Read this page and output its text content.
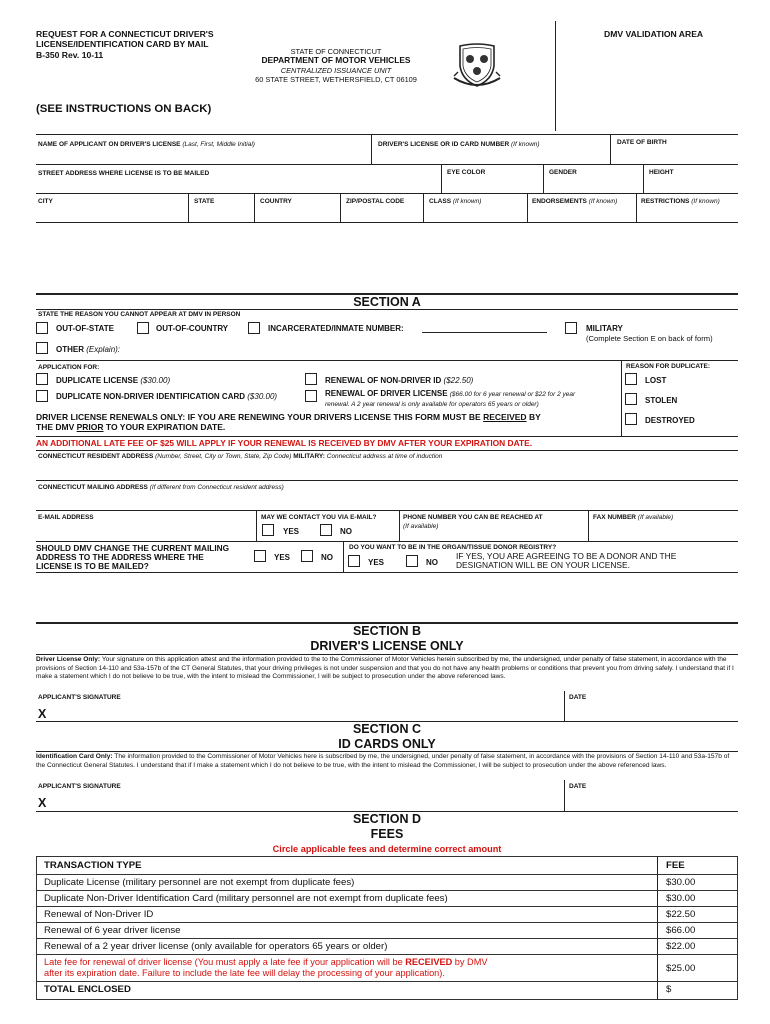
REQUEST FOR A CONNECTICUT DRIVER'S
LICENSE/IDENTIFICATION CARD BY MAIL
B-350 Rev. 10-11	STATE OF CONNECTICUT
DEPARTMENT OF MOTOR VEHICLES
CENTRALIZED ISSUANCE UNIT
60 STATE STREET, WETHERSFIELD, CT 06109
DMV VALIDATION AREA
(SEE INSTRUCTIONS ON BACK)
NAME OF APPLICANT ON DRIVER'S LICENSE (Last, First, Middle Initial)	DRIVER'S LICENSE OR ID CARD NUMBER (If known)	DATE OF BIRTH
STREET ADDRESS WHERE LICENSE IS TO BE MAILED	EYE COLOR	GENDER	HEIGHT
CITY	STATE	COUNTRY	ZIP/POSTAL CODE	CLASS (If known)	ENDORSEMENTS (If known)	RESTRICTIONS (If known)
SECTION A
STATE THE REASON YOU CANNOT APPEAR AT DMV IN PERSON
OUT-OF-STATE	OUT-OF-COUNTRY	INCARCERATED/INMATE NUMBER:	MILITARY
(Complete Section E on back of form)
OTHER (Explain):
APPLICATION FOR:	REASON FOR DUPLICATE:
DUPLICATE LICENSE ($30.00)	RENEWAL OF NON-DRIVER ID ($22.50)	LOST
DUPLICATE NON-DRIVER IDENTIFICATION CARD ($30.00)	RENEWAL OF DRIVER LICENSE ($66.00 for 6 year renewal or $22 for 2 year
renewal. A 2 year renewal is only available for operators 65 years or older)	STOLEN
DRIVER LICENSE RENEWALS ONLY: IF YOU ARE RENEWING YOUR DRIVERS LICENSE THIS FORM MUST BE RECEIVED BY
THE DMV PRIOR TO YOUR EXPIRATION DATE.
DESTROYED
AN ADDITIONAL LATE FEE OF $25 WILL APPLY IF YOUR RENEWAL IS RECEIVED BY DMV AFTER YOUR EXPIRATION DATE.
CONNECTICUT RESIDENT ADDRESS (Number, Street, City or Town, State, Zip Code) MILITARY: Connecticut address at time of induction
CONNECTICUT MAILING ADDRESS (If different from Connecticut resident address)
E-MAIL ADDRESS	MAY WE CONTACT YOU VIA E-MAIL?
YES	NO
PHONE NUMBER YOU CAN BE REACHED AT
(If available)
FAX NUMBER (If available)
SHOULD DMV CHANGE THE CURRENT MAILING
ADDRESS TO THE ADDRESS WHERE THE
LICENSE IS TO BE MAILED?
YES	NO
DO YOU WANT TO BE IN THE ORGAN/TISSUE DONOR REGISTRY?
YES	NO
IF YES, YOU ARE AGREEING TO BE A DONOR AND THE
DESIGNATION WILL BE ON YOUR LICENSE.
SECTION B
DRIVER'S LICENSE ONLY
Driver License Only: Your signature on this application attest and the information provided to the to the Commissioner of Motor Vehicles herein subscribed by me, the undersigned, under penalty of false statement, in accordance with the provisions of Section 14-110 and 53a-157b of the CT General Statutes, that your driving privileges is not under suspension and that you do not have any health problems or conditions that prevent you from driving safely. I understand that if I make a statement which I do not believe to be true, with the intent to mislead the Commissioner, I will be subject to prosecution under the above referenced laws.
APPLICANT'S SIGNATURE
X
DATE
SECTION C
ID CARDS ONLY
Identification Card Only: The information provided to the Commissioner of Motor Vehicles here is subscribed by me, the undersigned, under penalty of false statement, in accordance with the provisions of Section 14-110 and 53a-157b of the Connecticut General Statutes. I understand that if I make a statement which I do not believe to be true, with the intent to mislead the Commissioner, I will be subject to prosecution under the above referenced laws.
APPLICANT'S SIGNATURE
X
DATE
SECTION D
FEES
Circle applicable fees and determine correct amount
TRANSACTION TYPE	FEE
Duplicate License (military personnel are not exempt from duplicate fees)	$30.00
Duplicate Non-Driver Identification Card (military personnel are not exempt from duplicate fees)	$30.00
Renewal of Non-Driver ID	$22.50
Renewal of 6 year driver license	$66.00
Renewal of a 2 year driver license (only available for operators 65 years or older)	$22.00
Late fee for renewal of driver license (You must apply a late fee if your application will be RECEIVED by DMV
after its expiration date. Failure to include the late fee will delay the processing of your application).	$25.00
TOTAL ENCLOSED	$
